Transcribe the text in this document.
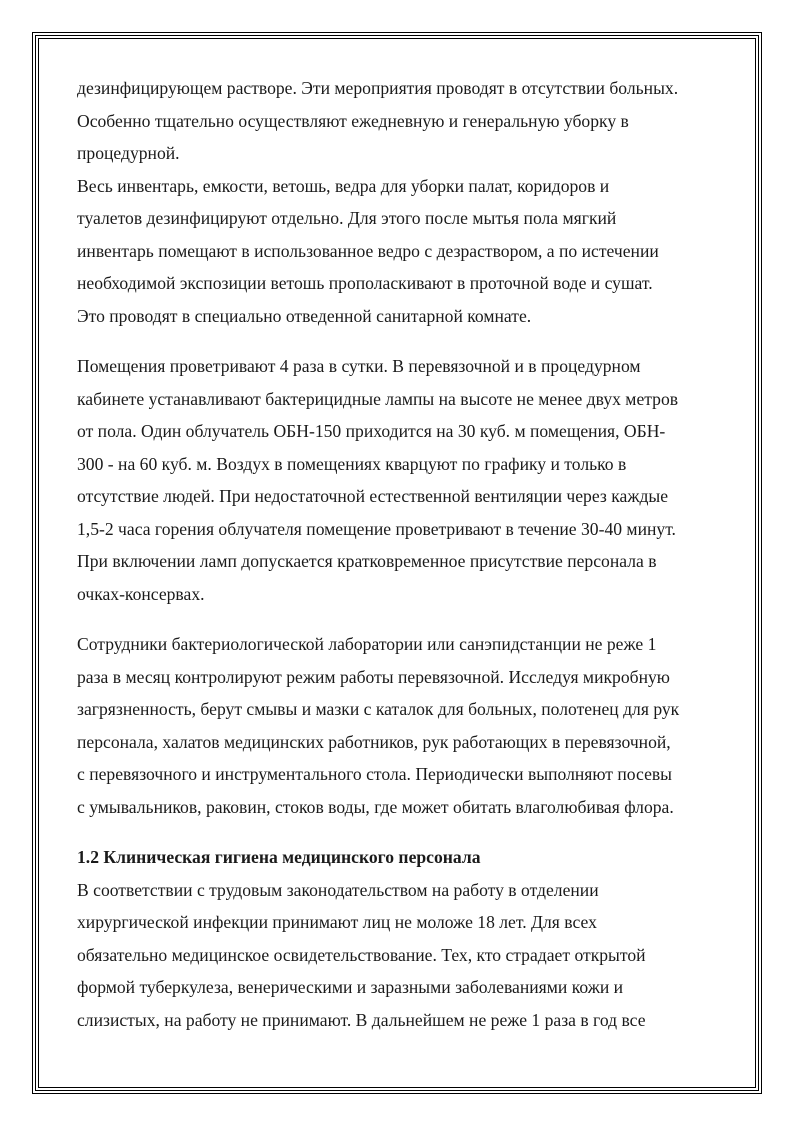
дезинфицирующем растворе. Эти мероприятия проводят в отсутствии больных.
Особенно тщательно осуществляют ежедневную и генеральную уборку в
процедурной.
Весь инвентарь, емкости, ветошь, ведра для уборки палат, коридоров и
туалетов дезинфицируют отдельно. Для этого после мытья пола мягкий
инвентарь помещают в использованное ведро с дезраствором, а по истечении
необходимой экспозиции ветошь прополаскивают в проточной воде и сушат.
Это проводят в специально отведенной санитарной комнате.
Помещения проветривают 4 раза в сутки. В перевязочной и в процедурном
кабинете устанавливают бактерицидные лампы на высоте не менее двух метров
от пола. Один облучатель ОБН-150 приходится на 30 куб. м помещения, ОБН-
300 - на 60 куб. м. Воздух в помещениях кварцуют по графику и только в
отсутствие людей. При недостаточной естественной вентиляции через каждые
1,5-2 часа горения облучателя помещение проветривают в течение 30-40 минут.
При включении ламп допускается кратковременное присутствие персонала в
очках-консервах.
Сотрудники бактериологической лаборатории или санэпидстанции не реже 1
раза в месяц контролируют режим работы перевязочной. Исследуя микробную
загрязненность, берут смывы и мазки с каталок для больных, полотенец для рук
персонала, халатов медицинских работников, рук работающих в перевязочной,
с перевязочного и инструментального стола. Периодически выполняют посевы
с умывальников, раковин, стоков воды, где может обитать влаголюбивая флора.
1.2 Клиническая гигиена медицинского персонала
В соответствии с трудовым законодательством на работу в отделении
хирургической инфекции принимают лиц не моложе 18 лет. Для всех
обязательно медицинское освидетельствование. Тех, кто страдает открытой
формой туберкулеза, венерическими и заразными заболеваниями кожи и
слизистых, на работу не принимают. В дальнейшем не реже 1 раза в год все
